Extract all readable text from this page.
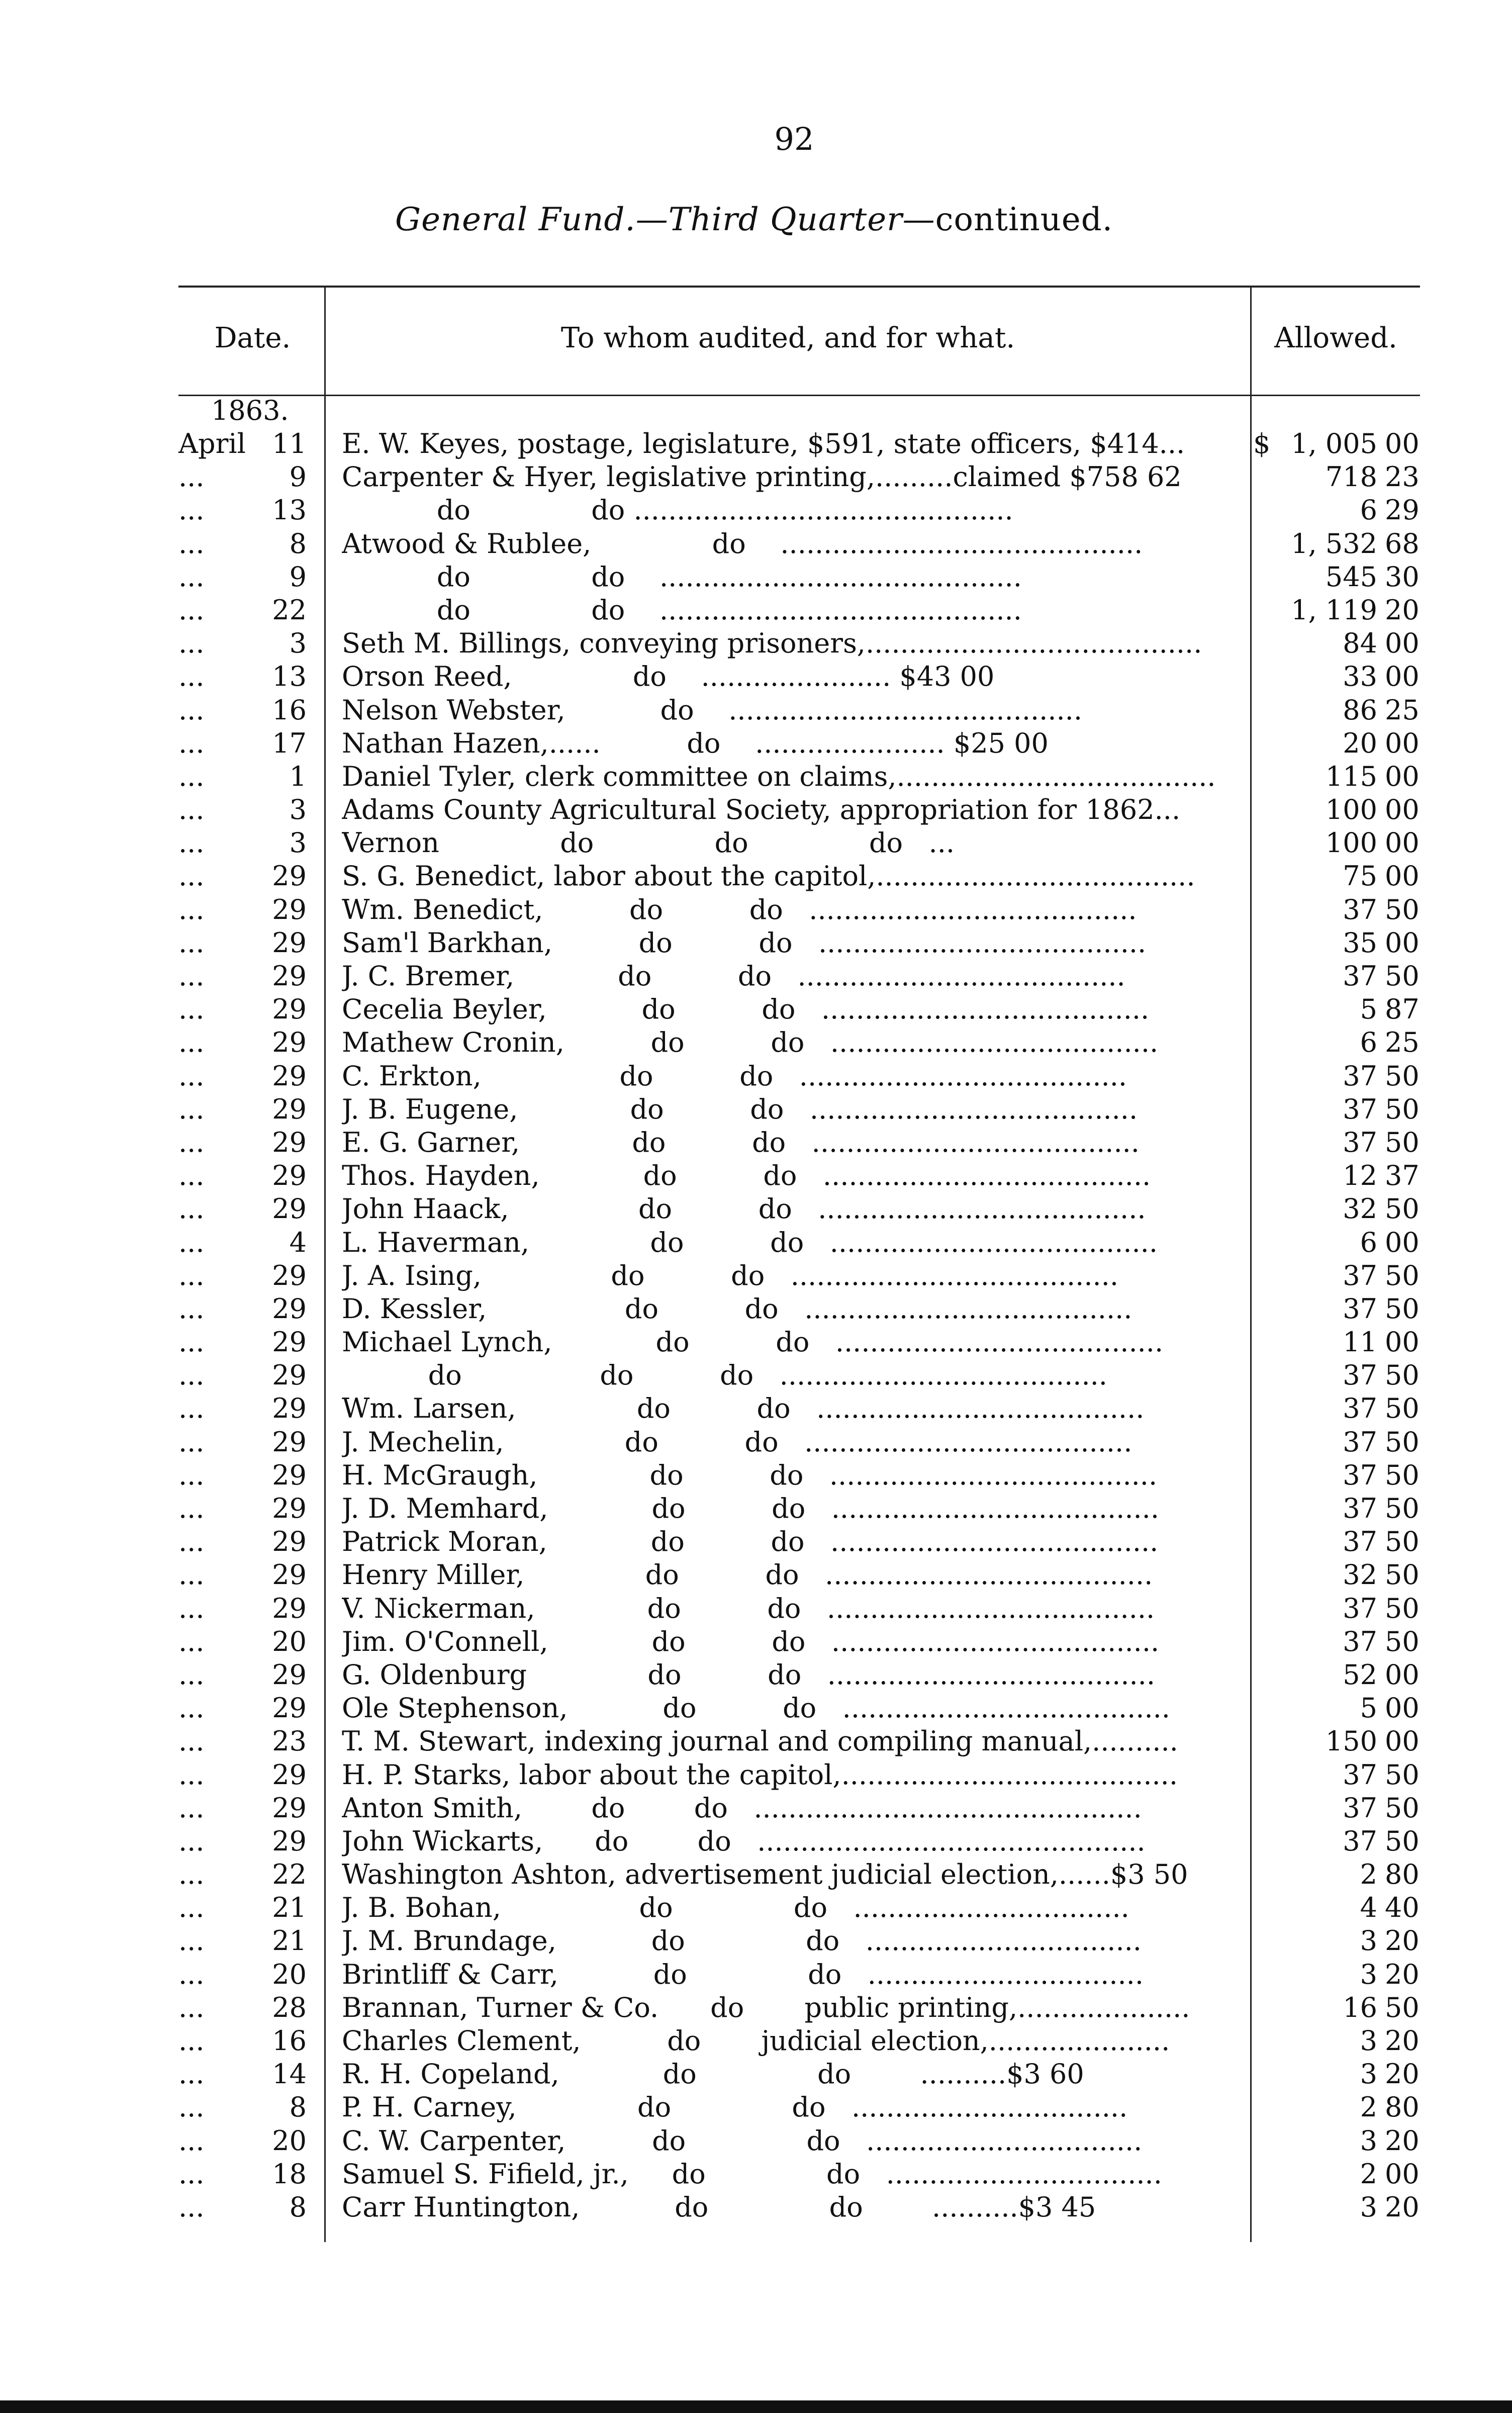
92
General Fund.—Third Quarter—continued.
Date.	To whom audited, and for what.	Allowed.
1863.
April 11 E. W. Keyes, postage, legislature, $591, state officers, $414...	$ 1, 005 00
...	9 Carpenter & Hyer, legislative printing,.........claimed $758 62	718 23
...	13 do              do ............................................	6 29
...	8 Atwood & Rublee,              do    ..........................................	1, 532 68
...	9 do              do    ..........................................	545 30
...	22 do              do    ..........................................	1, 119 20
...	3 Seth M. Billings, conveying prisoners,.......................................	84 00
...	13 Orson Reed,              do    ...................... $43 00	33 00
...	16 Nelson Webster,           do    .........................................	86 25
...	17 Nathan Hazen,......          do    ...................... $25 00	20 00
...	1 Daniel Tyler, clerk committee on claims,.....................................	115 00
...	3 Adams County Agricultural Society, appropriation for 1862...	100 00
...	3 Vernon              do              do              do   ...	100 00
...	29 S. G. Benedict, labor about the capitol,.....................................	75 00
...	29 Wm. Benedict,          do          do   ......................................	37 50
...	29 Sam'l Barkhan,          do          do   ......................................	35 00
...	29 J. C. Bremer,            do          do   ......................................	37 50
...	29 Cecelia Beyler,           do          do   ......................................	5 87
...	29 Mathew Cronin,          do          do   ......................................	6 25
...	29 C. Erkton,                do          do   ......................................	37 50
...	29 J. B. Eugene,             do          do   ......................................	37 50
...	29 E. G. Garner,             do          do   ......................................	37 50
...	29 Thos. Hayden,            do          do   ......................................	12 37
...	29 John Haack,               do          do   ......................................	32 50
...	4 L. Haverman,              do          do   ......................................	6 00
...	29 J. A. Ising,               do          do   ......................................	37 50
...	29 D. Kessler,                do          do   ......................................	37 50
...	29 Michael Lynch,            do          do   ......................................	11 00
...	29 do                do          do   ......................................	37 50
...	29 Wm. Larsen,              do          do   ......................................	37 50
...	29 J. Mechelin,              do          do   ......................................	37 50
...	29 H. McGraugh,             do          do   ......................................	37 50
...	29 J. D. Memhard,            do          do   ......................................	37 50
...	29 Patrick Moran,            do          do   ......................................	37 50
...	29 Henry Miller,              do          do   ......................................	32 50
...	29 V. Nickerman,             do          do   ......................................	37 50
...	20 Jim. O'Connell,            do          do   ......................................	37 50
...	29 G. Oldenburg              do          do   ......................................	52 00
...	29 Ole Stephenson,           do          do   ......................................	5 00
...	23 T. M. Stewart, indexing journal and compiling manual,..........	150 00
...	29 H. P. Starks, labor about the capitol,.......................................	37 50
...	29 Anton Smith,        do        do   .............................................	37 50
...	29 John Wickarts,      do        do   .............................................	37 50
...	22 Washington Ashton, advertisement judicial election,......$3 50	2 80
...	21 J. B. Bohan,                do              do   ................................	4 40
...	21 J. M. Brundage,           do              do   ................................	3 20
...	20 Brintliff & Carr,           do              do   ................................	3 20
...	28 Brannan, Turner & Co.      do       public printing,....................	16 50
...	16 Charles Clement,          do       judicial election,.....................	3 20
...	14 R. H. Copeland,            do              do        ..........$3 60	3 20
...	8 P. H. Carney,              do              do   ................................	2 80
...	20 C. W. Carpenter,          do              do   ................................	3 20
...	18 Samuel S. Fifield, jr.,     do              do   ................................	2 00
...	8 Carr Huntington,           do              do        ..........$3 45	3 20
